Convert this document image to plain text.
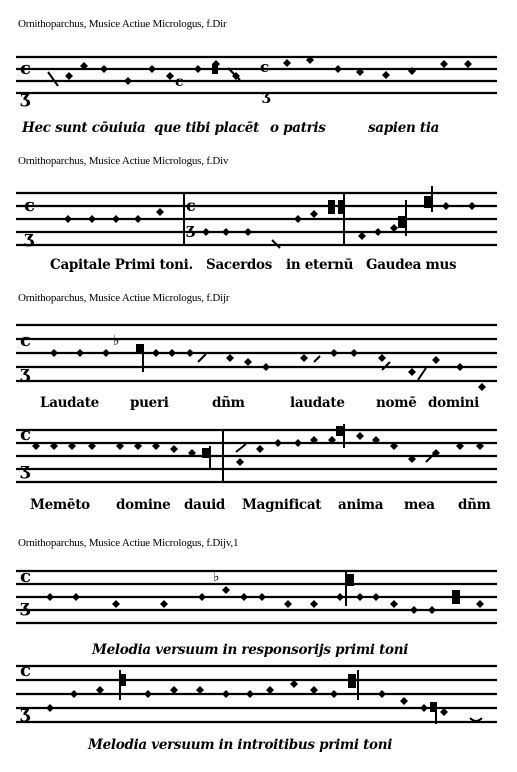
Ornithoparchus, Musice Actiue Micrologus, f.Dir
Ornithoparchus, Musice Actiue Micrologus, f.Div
Ornithoparchus, Musice Actiue Micrologus, f.Dijr
Ornithoparchus, Musice Actiue Micrologus, f.Dijv,1
c
ʒ
c
ʒ
c
ʒ
c
ʒ
c
ʒ
c
ʒ
c
ʒ
c
c
ʒ
♭
♭
Hec sunt cōuiuia que tibi placēt o patris	sapien tia
Capitale Primi toni. Sacerdos in eternū Gaudea mus
Laudate pueri	dñm	laudate nomē domini
Memēto domine dauid Magnificat anima mea dñm
Melodia versuum in responsorijs primi toni
Melodia versuum in introitibus primi toni
